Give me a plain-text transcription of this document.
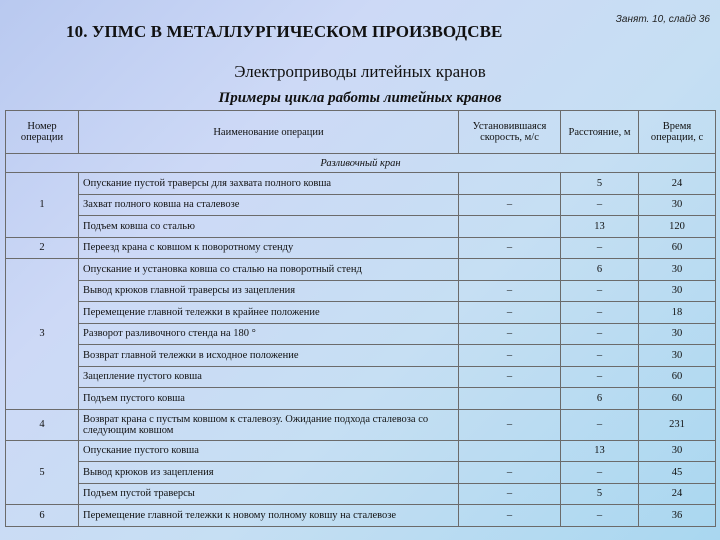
10. УПМС В МЕТАЛЛУРГИЧЕСКОМ ПРОИЗВОДСВЕ
Занят. 10, слайд 36
Электроприводы литейных кранов
Примеры цикла работы литейных кранов
Номер операции	Наименование операции	Установившаяся скорость, м/с	Расстояние, м	Время операции, с
Разливочный кран				
1	Опускание пустой траверсы для захвата полного ковша		5	24
	Захват полного ковша на сталевозе	–	–	30
	Подъем ковша со сталью		13	120
2	Переезд крана с ковшом к поворотному стенду	–	–	60
3	Опускание и установка ковша со сталью на поворотный стенд		6	30
	Вывод крюков главной траверсы из зацепления	–	–	30
	Перемещение главной тележки в крайнее положение	–	–	18
	Разворот разливочного стенда на 180 °	–	–	30
	Возврат главной тележки в исходное положение	–	–	30
	Зацепление пустого ковша	–	–	60
	Подъем пустого ковша		6	60
4	Возврат крана с пустым ковшом к сталевозу. Ожидание подхода сталевоза со следующим ковшом	–	–	231
5	Опускание пустого ковша		13	30
	Вывод крюков из зацепления	–	–	45
	Подъем пустой траверсы	–	5	24
6	Перемещение главной тележки к новому полному ковшу на сталевозе	–	–	36
